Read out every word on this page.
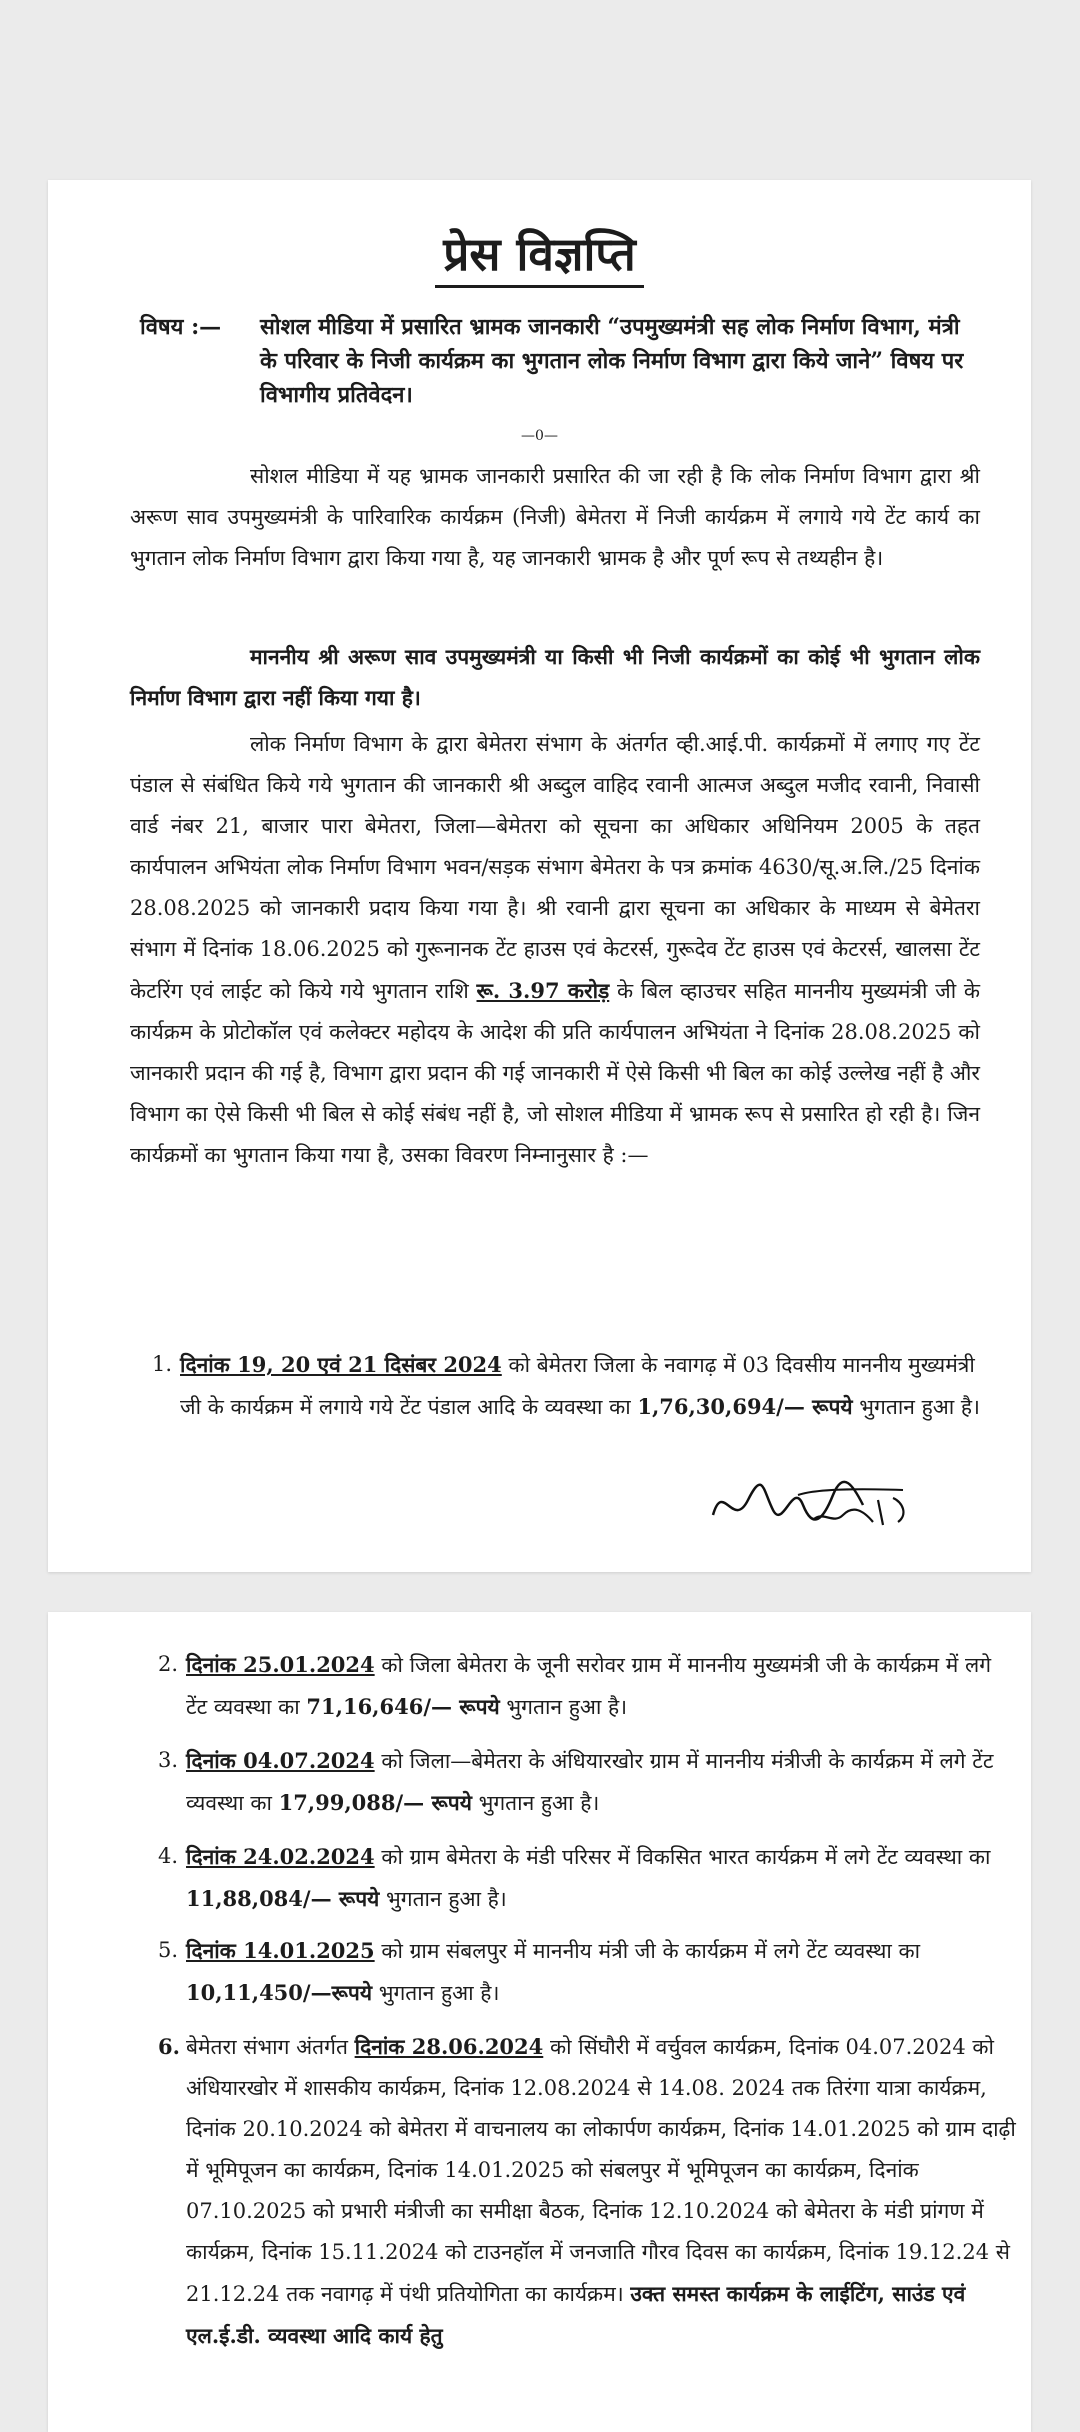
प्रेस विज्ञप्ति
विषय :—	सोशल मीडिया में प्रसारित भ्रामक जानकारी “उपमुख्यमंत्री सह लोक निर्माण विभाग, मंत्री के परिवार के निजी कार्यक्रम का भुगतान लोक निर्माण विभाग द्वारा किये जाने” विषय पर विभागीय प्रतिवेदन।
—0—
सोशल मीडिया में यह भ्रामक जानकारी प्रसारित की जा रही है कि लोक निर्माण विभाग द्वारा श्री अरूण साव उपमुख्यमंत्री के पारिवारिक कार्यक्रम (निजी) बेमेतरा में निजी कार्यक्रम में लगाये गये टेंट कार्य का भुगतान लोक निर्माण विभाग द्वारा किया गया है, यह जानकारी भ्रामक है और पूर्ण रूप से तथ्यहीन है।
माननीय श्री अरूण साव उपमुख्यमंत्री या किसी भी निजी कार्यक्रमों का कोई भी भुगतान लोक निर्माण विभाग द्वारा नहीं किया गया है।
लोक निर्माण विभाग के द्वारा बेमेतरा संभाग के अंतर्गत व्ही.आई.पी. कार्यक्रमों में लगाए गए टेंट पंडाल से संबंधित किये गये भुगतान की जानकारी श्री अब्दुल वाहिद रवानी आत्मज अब्दुल मजीद रवानी, निवासी वार्ड नंबर 21, बाजार पारा बेमेतरा, जिला—बेमेतरा को सूचना का अधिकार अधिनियम 2005 के तहत कार्यपालन अभियंता लोक निर्माण विभाग भवन/सड़क संभाग बेमेतरा के पत्र क्रमांक 4630/सू.अ.लि./25 दिनांक 28.08.2025 को जानकारी प्रदाय किया गया है। श्री रवानी द्वारा सूचना का अधिकार के माध्यम से बेमेतरा संभाग में दिनांक 18.06.2025 को गुरूनानक टेंट हाउस एवं केटरर्स, गुरूदेव टेंट हाउस एवं केटरर्स, खालसा टेंट केटरिंग एवं लाईट को किये गये भुगतान राशि रू. 3.97 करोड़ के बिल व्हाउचर सहित माननीय मुख्यमंत्री जी के कार्यक्रम के प्रोटोकॉल एवं कलेक्टर महोदय के आदेश की प्रति कार्यपालन अभियंता ने दिनांक 28.08.2025 को जानकारी प्रदान की गई है, विभाग द्वारा प्रदान की गई जानकारी में ऐसे किसी भी बिल का कोई उल्लेख नहीं है और विभाग का ऐसे किसी भी बिल से कोई संबंध नहीं है, जो सोशल मीडिया में भ्रामक रूप से प्रसारित हो रही है। जिन कार्यक्रमों का भुगतान किया गया है, उसका विवरण निम्नानुसार है :—
1. दिनांक 19, 20 एवं 21 दिसंबर 2024 को बेमेतरा जिला के नवागढ़ में 03 दिवसीय माननीय मुख्यमंत्री जी के कार्यक्रम में लगाये गये टेंट पंडाल आदि के व्यवस्था का 1,76,30,694/— रूपये भुगतान हुआ है।
2. दिनांक 25.01.2024 को जिला बेमेतरा के जूनी सरोवर ग्राम में माननीय मुख्यमंत्री जी के कार्यक्रम में लगे टेंट व्यवस्था का 71,16,646/— रूपये भुगतान हुआ है।
3. दिनांक 04.07.2024 को जिला—बेमेतरा के अंधियारखोर ग्राम में माननीय मंत्रीजी के कार्यक्रम में लगे टेंट व्यवस्था का 17,99,088/— रूपये भुगतान हुआ है।
4. दिनांक 24.02.2024 को ग्राम बेमेतरा के मंडी परिसर में विकसित भारत कार्यक्रम में लगे टेंट व्यवस्था का 11,88,084/— रूपये भुगतान हुआ है।
5. दिनांक 14.01.2025 को ग्राम संबलपुर में माननीय मंत्री जी के कार्यक्रम में लगे टेंट व्यवस्था का 10,11,450/—रूपये भुगतान हुआ है।
6. बेमेतरा संभाग अंतर्गत दिनांक 28.06.2024 को सिंघौरी में वर्चुवल कार्यक्रम, दिनांक 04.07.2024 को अंधियारखोर में शासकीय कार्यक्रम, दिनांक 12.08.2024 से 14.08. 2024 तक तिरंगा यात्रा कार्यक्रम, दिनांक 20.10.2024 को बेमेतरा में वाचनालय का लोकार्पण कार्यक्रम, दिनांक 14.01.2025 को ग्राम दाढ़ी में भूमिपूजन का कार्यक्रम, दिनांक 14.01.2025 को संबलपुर में भूमिपूजन का कार्यक्रम, दिनांक 07.10.2025 को प्रभारी मंत्रीजी का समीक्षा बैठक, दिनांक 12.10.2024 को बेमेतरा के मंडी प्रांगण में कार्यक्रम, दिनांक 15.11.2024 को टाउनहॉल में जनजाति गौरव दिवस का कार्यक्रम, दिनांक 19.12.24 से 21.12.24 तक नवागढ़ में पंथी प्रतियोगिता का कार्यक्रम। उक्त समस्त कार्यक्रम के लाईटिंग, साउंड एवं एल.ई.डी. व्यवस्था आदि कार्य हेतु
